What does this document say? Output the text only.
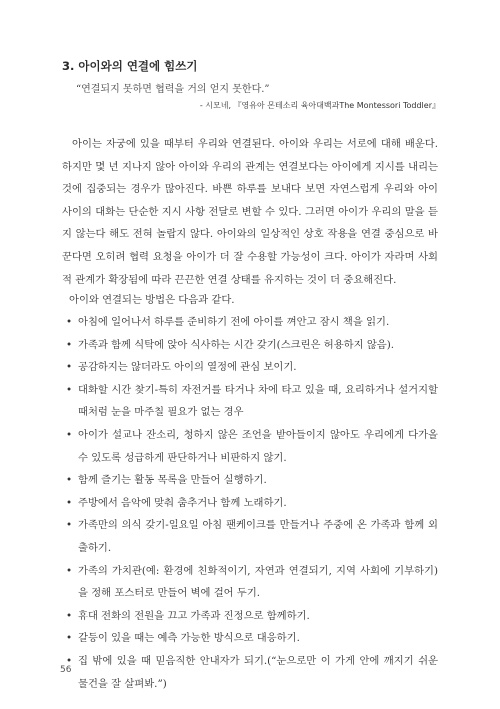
3. 아이와의 연결에 힘쓰기
“연결되지 못하면 협력을 거의 얻지 못한다.”
- 시모네, 『영유아 몬테소리 육아대백과The Montessori Toddler』

아이는 자궁에 있을 때부터 우리와 연결된다. 아이와 우리는 서로에 대해 배운다. 하지만 몇 년 지나지 않아 아이와 우리의 관계는 연결보다는 아이에게 지시를 내리는 것에 집중되는 경우가 많아진다. 바쁜 하루를 보내다 보면 자연스럽게 우리와 아이 사이의 대화는 단순한 지시 사항 전달로 변할 수 있다. 그러면 아이가 우리의 말을 듣지 않는다 해도 전혀 놀랍지 않다. 아이와의 일상적인 상호 작용을 연결 중심으로 바꾼다면 오히려 협력 요청을 아이가 더 잘 수용할 가능성이 크다. 아이가 자라며 사회적 관계가 확장됨에 따라 끈끈한 연결 상태를 유지하는 것이 더 중요해진다.

아이와 연결되는 방법은 다음과 같다.
• 아침에 일어나서 하루를 준비하기 전에 아이를 껴안고 잠시 책을 읽기.
• 가족과 함께 식탁에 앉아 식사하는 시간 갖기(스크린은 허용하지 않음).
• 공감하지는 않더라도 아이의 열정에 관심 보이기.
• 대화할 시간 찾기-특히 자전거를 타거나 차에 타고 있을 때, 요리하거나 설거지할 때처럼 눈을 마주칠 필요가 없는 경우
• 아이가 설교나 잔소리, 청하지 않은 조언을 받아들이지 않아도 우리에게 다가올 수 있도록 성급하게 판단하거나 비판하지 않기.
• 함께 즐기는 활동 목록을 만들어 실행하기.
• 주방에서 음악에 맞춰 춤추거나 함께 노래하기.
• 가족만의 의식 갖기-일요일 아침 팬케이크를 만들거나 주중에 온 가족과 함께 외출하기.
• 가족의 가치관(예: 환경에 친화적이기, 자연과 연결되기, 지역 사회에 기부하기)을 정해 포스터로 만들어 벽에 걸어 두기.
• 휴대 전화의 전원을 끄고 가족과 진정으로 함께하기.
• 갈등이 있을 때는 예측 가능한 방식으로 대응하기.
• 집 밖에 있을 때 믿음직한 안내자가 되기.(“눈으로만 이 가게 안에 깨지기 쉬운 물건을 잘 살펴봐.”)
56
